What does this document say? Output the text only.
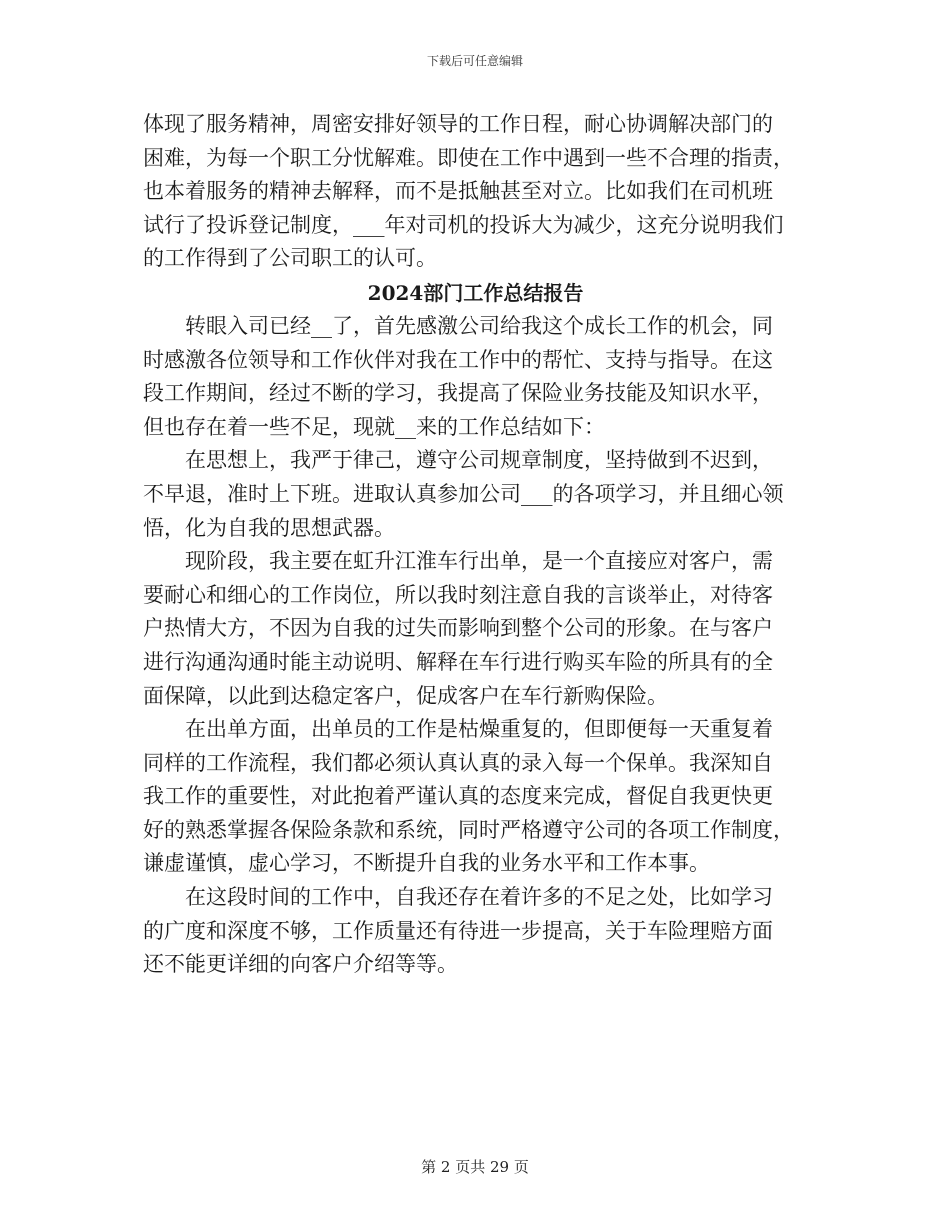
下载后可任意编辑
体现了服务精神，周密安排好领导的工作日程，耐心协调解决部门的
困难，为每一个职工分忧解难。即使在工作中遇到一些不合理的指责，
也本着服务的精神去解释，而不是抵触甚至对立。比如我们在司机班
试行了投诉登记制度，___年对司机的投诉大为减少，这充分说明我们
的工作得到了公司职工的认可。
2024部门工作总结报告
转眼入司已经__了，首先感激公司给我这个成长工作的机会，同
时感激各位领导和工作伙伴对我在工作中的帮忙、支持与指导。在这
段工作期间，经过不断的学习，我提高了保险业务技能及知识水平，
但也存在着一些不足，现就__来的工作总结如下：
在思想上，我严于律己，遵守公司规章制度，坚持做到不迟到，
不早退，准时上下班。进取认真参加公司___的各项学习，并且细心领
悟，化为自我的思想武器。
现阶段，我主要在虹升江淮车行出单，是一个直接应对客户，需
要耐心和细心的工作岗位，所以我时刻注意自我的言谈举止，对待客
户热情大方，不因为自我的过失而影响到整个公司的形象。在与客户
进行沟通沟通时能主动说明、解释在车行进行购买车险的所具有的全
面保障，以此到达稳定客户，促成客户在车行新购保险。
在出单方面，出单员的工作是枯燥重复的，但即便每一天重复着
同样的工作流程，我们都必须认真认真的录入每一个保单。我深知自
我工作的重要性，对此抱着严谨认真的态度来完成，督促自我更快更
好的熟悉掌握各保险条款和系统，同时严格遵守公司的各项工作制度，
谦虚谨慎，虚心学习，不断提升自我的业务水平和工作本事。
在这段时间的工作中，自我还存在着许多的不足之处，比如学习
的广度和深度不够，工作质量还有待进一步提高，关于车险理赔方面
还不能更详细的向客户介绍等等。
第 2 页共 29 页
